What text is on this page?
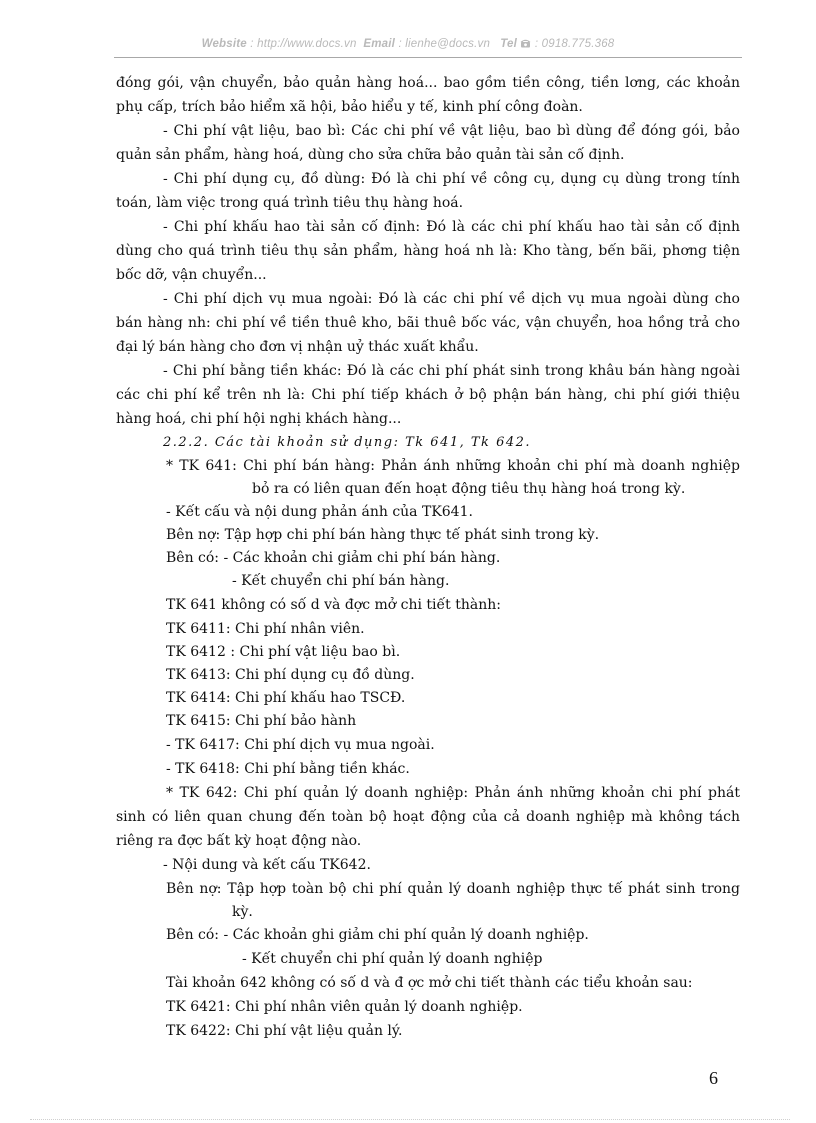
Website : http://www.docs.vn Email : lienhe@docs.vn Tel  : 0918.775.368
đóng gói, vận chuyển, bảo quản hàng hoá... bao gồm tiền công, tiền lơng, các khoản
phụ cấp, trích bảo hiểm xã hội, bảo hiểu y tế, kinh phí công đoàn.
- Chi phí vật liệu, bao bì: Các chi phí về vật liệu, bao bì dùng để đóng gói, bảo
quản sản phẩm, hàng hoá, dùng cho sửa chữa bảo quản tài sản cố định.
- Chi phí dụng cụ, đồ dùng: Đó là chi phí về công cụ, dụng cụ dùng trong tính
toán, làm việc trong quá trình tiêu thụ hàng hoá.
- Chi phí khấu hao tài sản cố định: Đó là các chi phí khấu hao tài sản cố định
dùng cho quá trình tiêu thụ sản phẩm, hàng hoá nh là: Kho tàng, bến bãi, phơng tiện
bốc dỡ, vận chuyển...
- Chi phí dịch vụ mua ngoài: Đó là các chi phí về dịch vụ mua ngoài dùng cho
bán hàng nh: chi phí về tiền thuê kho, bãi thuê bốc vác, vận chuyển, hoa hồng trả cho
đại lý bán hàng cho đơn vị nhận uỷ thác xuất khẩu.
- Chi phí bằng tiền khác: Đó là các chi phí phát sinh trong khâu bán hàng ngoài
các chi phí kể trên nh là: Chi phí tiếp khách ở bộ phận bán hàng, chi phí giới thiệu
hàng hoá, chi phí hội nghị khách hàng...
2.2.2. Các tài khoản sử dụng: Tk 641, Tk 642.
* TK 641: Chi phí bán hàng: Phản ánh những khoản chi phí mà doanh nghiệp
bỏ ra có liên quan đến hoạt động tiêu thụ hàng hoá trong kỳ.
- Kết cấu và nội dung phản ánh của TK641.
Bên nợ: Tập hợp chi phí bán hàng thực tế phát sinh trong kỳ.
Bên có: - Các khoản chi giảm chi phí bán hàng.
- Kết chuyển chi phí bán hàng.
TK 641 không có số d và đợc mở chi tiết thành:
TK 6411: Chi phí nhân viên.
TK 6412 : Chi phí vật liệu bao bì.
TK 6413: Chi phí dụng cụ đồ dùng.
TK 6414: Chi phí khấu hao TSCĐ.
TK 6415: Chi phí bảo hành
- TK 6417: Chi phí dịch vụ mua ngoài.
- TK 6418: Chi phí bằng tiền khác.
* TK 642: Chi phí quản lý doanh nghiệp: Phản ánh những khoản chi phí phát
sinh có liên quan chung đến toàn bộ hoạt động của cả doanh nghiệp mà không tách
riêng ra đợc bất kỳ hoạt động nào.
- Nội dung và kết cấu TK642.
Bên nợ: Tập hợp toàn bộ chi phí quản lý doanh nghiệp thực tế phát sinh trong
kỳ.
Bên có: - Các khoản ghi giảm chi phí quản lý doanh nghiệp.
- Kết chuyển chi phí quản lý doanh nghiệp
Tài khoản 642 không có số d và đ ợc mở chi tiết thành các tiểu khoản sau:
TK 6421: Chi phí nhân viên quản lý doanh nghiệp.
TK 6422: Chi phí vật liệu quản lý.
6
